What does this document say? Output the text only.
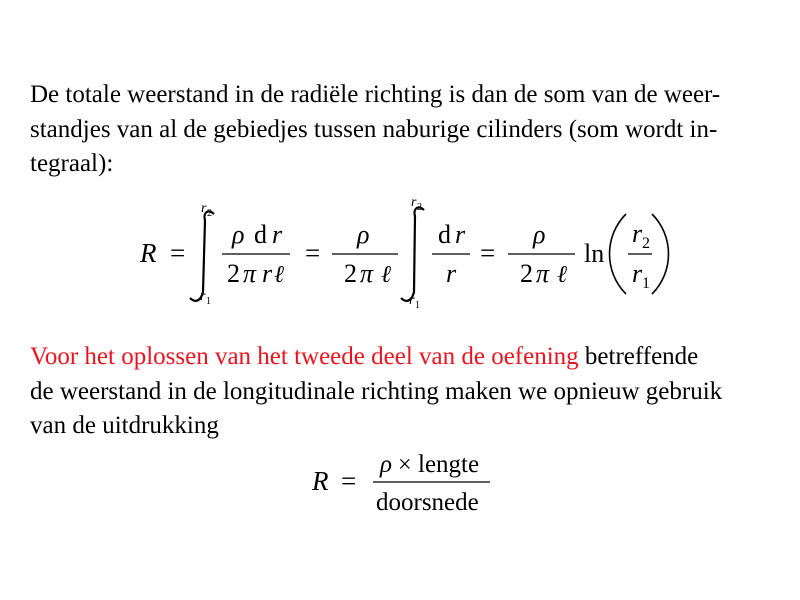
De totale weerstand in de radiële richting is dan de som van de weer-
standjes van al de gebiedjes tussen naburige cilinders (som wordt in-
tegraal):
R =
r 2
r 1
ρ d r
2 π r ℓ
=
ρ
2 π ℓ
r 2
r 1
d r
r
=
ρ
2 π ℓ
ln
r 2
r 1
Voor het oplossen van het tweede deel van de oefening betreffende
de weerstand in de longitudinale richting maken we opnieuw gebruik
van de uitdrukking
R =
ρ × lengte
doorsnede
